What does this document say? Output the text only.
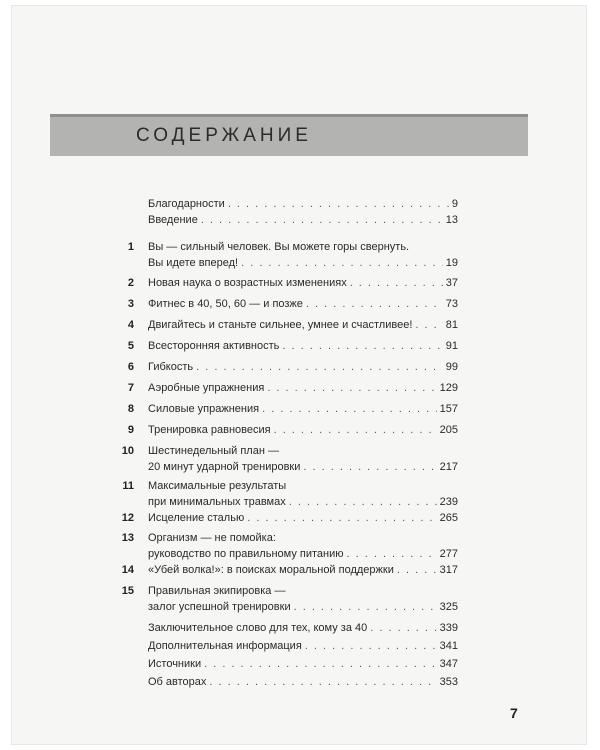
СОДЕРЖАНИЕ
Благодарности . . .	9
Введение . . .	13
1 Вы — сильный человек. Вы можете горы свернуть.
Вы идете вперед! . . .	19
2 Новая наука о возрастных изменениях . . .	37
3 Фитнес в 40, 50, 60 — и позже . . .	73
4 Двигайтесь и станьте сильнее, умнее и счастливее! . . .	81
5 Всесторонняя активность . . .	91
6 Гибкость . . .	99
7 Аэробные упражнения . . .	129
8 Силовые упражнения . . .	157
9 Тренировка равновесия . . .	205
10 Шестинедельный план —
20 минут ударной тренировки . . .	217
11 Максимальные результаты
при минимальных травмах . . .	239
12 Исцеление сталью . . .	265
13 Организм — не помойка:
руководство по правильному питанию . . .	277
14 «Убей волка!»: в поисках моральной поддержки . . .	317
15 Правильная экипировка —
залог успешной тренировки . . .	325
Заключительное слово для тех, кому за 40 . . .	339
Дополнительная информация . . .	341
Источники . . .	347
Об авторах . . .	353
7
